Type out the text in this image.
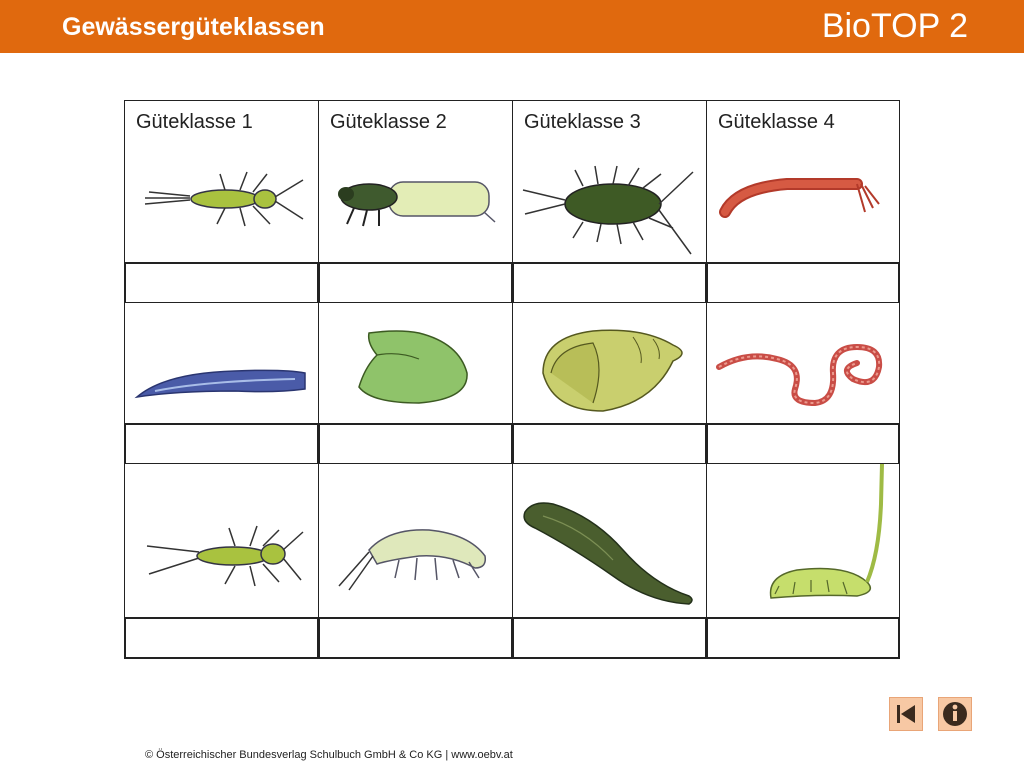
Gewässergüteklassen	BioTOP 2
Güteklasse 1	Güteklasse 2	Güteklasse 3	Güteklasse 4
© Österreichischer Bundesverlag Schulbuch GmbH & Co KG | www.oebv.at
